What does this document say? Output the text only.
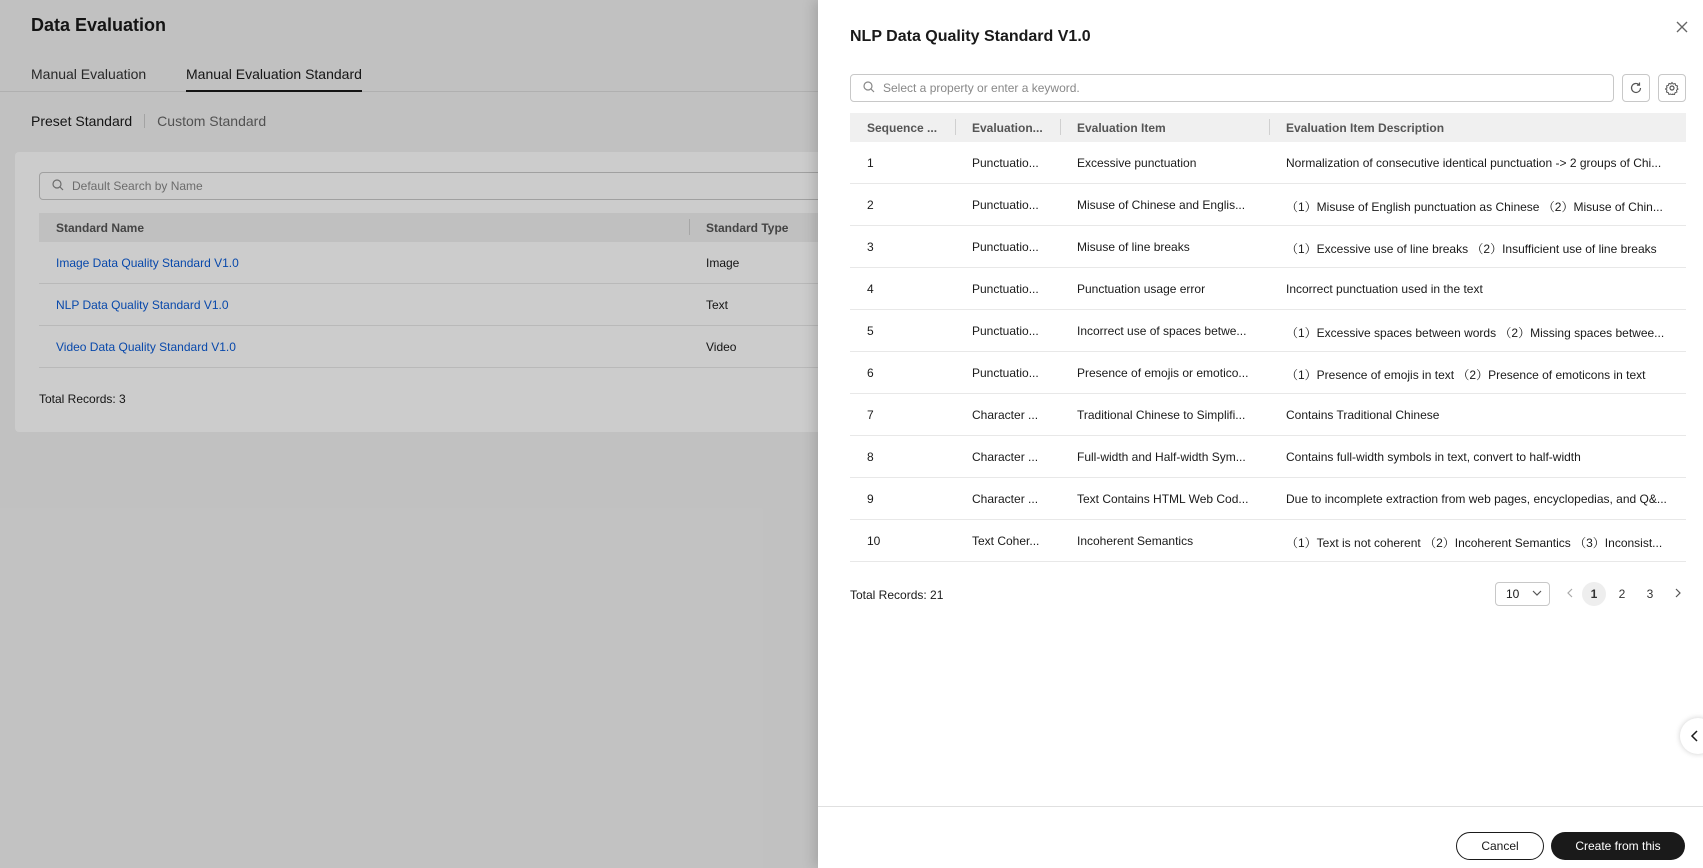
Data Evaluation
Manual Evaluation	Manual Evaluation Standard
Preset Standard Custom Standard
Default Search by Name
Standard Name	Standard Type
Image Data Quality Standard V1.0	Image
NLP Data Quality Standard V1.0	Text
Video Data Quality Standard V1.0	Video
Total Records: 3
NLP Data Quality Standard V1.0
Select a property or enter a keyword.
Sequence ...	Evaluation...	Evaluation Item	Evaluation Item Description
1	Punctuatio...	Excessive punctuation	Normalization of consecutive identical punctuation -> 2 groups of Chi...
2	Punctuatio...	Misuse of Chinese and Englis...	（1）Misuse of English punctuation as Chinese （2）Misuse of Chin...
3	Punctuatio...	Misuse of line breaks	（1）Excessive use of line breaks （2）Insufficient use of line breaks
4	Punctuatio...	Punctuation usage error	Incorrect punctuation used in the text
5	Punctuatio...	Incorrect use of spaces betwe...	（1）Excessive spaces between words （2）Missing spaces betwee...
6	Punctuatio...	Presence of emojis or emotico...	（1）Presence of emojis in text （2）Presence of emoticons in text
7	Character ...	Traditional Chinese to Simplifi...	Contains Traditional Chinese
8	Character ...	Full-width and Half-width Sym...	Contains full-width symbols in text, convert to half-width
9	Character ...	Text Contains HTML Web Cod...	Due to incomplete extraction from web pages, encyclopedias, and Q&...
10	Text Coher...	Incoherent Semantics	（1）Text is not coherent （2）Incoherent Semantics （3）Inconsist...
Total Records: 21	10	1	2	3
Cancel	Create from this
